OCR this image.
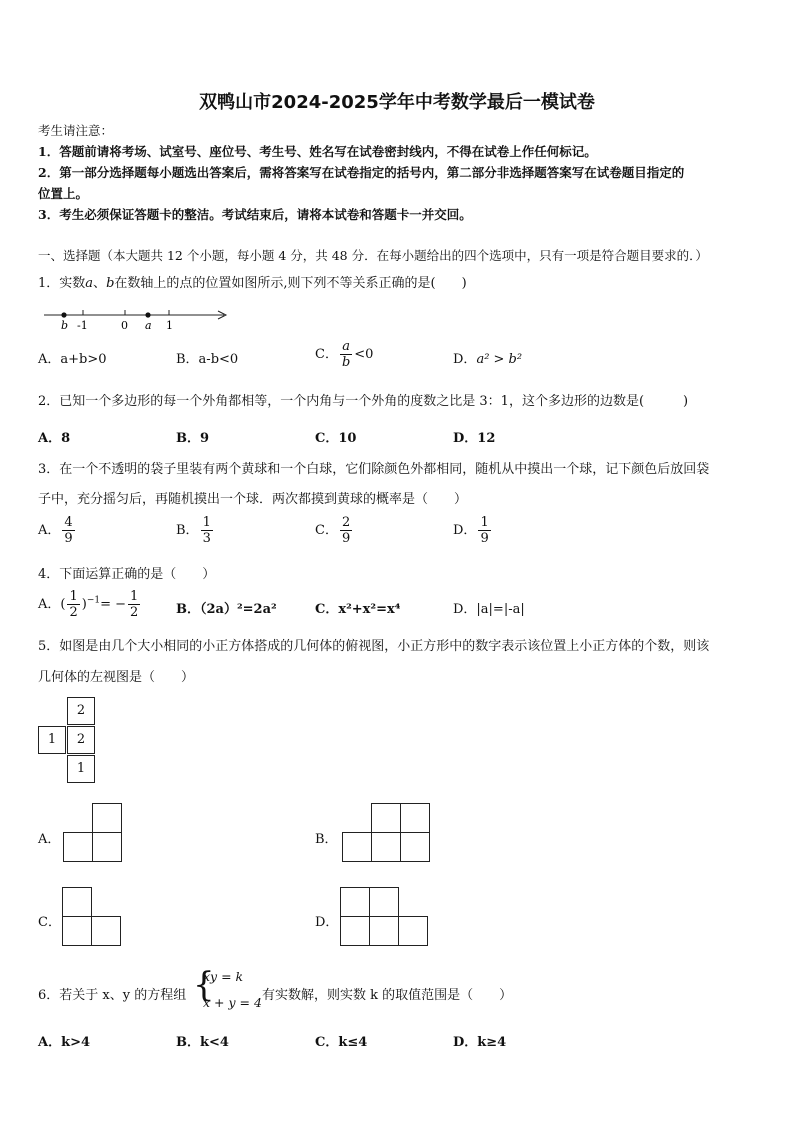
双鸭山市2024-2025学年中考数学最后一模试卷
考生请注意：
1．答题前请将考场、试室号、座位号、考生号、姓名写在试卷密封线内，不得在试卷上作任何标记。
2．第一部分选择题每小题选出答案后，需将答案写在试卷指定的括号内，第二部分非选择题答案写在试卷题目指定的
位置上。
3．考生必须保证答题卡的整洁。考试结束后，请将本试卷和答题卡一并交回。
一、选择题（本大题共 12 个小题，每小题 4 分，共 48 分．在每小题给出的四个选项中，只有一项是符合题目要求的．）
1．实数a、b在数轴上的点的位置如图所示,则下列不等关系正确的是(　　)
b -1	0 a 1
A．a+b>0	B．a-b<0	C． $\frac{a}{b} <0$	D．a² > b²
2．已知一个多边形的每一个外角都相等，一个内角与一个外角的度数之比是 3：1，这个多边形的边数是(　　　)
A．8	B．9	C．10	D．12
3．在一个不透明的袋子里装有两个黄球和一个白球，它们除颜色外都相同，随机从中摸出一个球，记下颜色后放回袋
子中，充分摇匀后，再随机摸出一个球．两次都摸到黄球的概率是（　　）
A． $\frac{4}{9}$	B． $\frac{1}{3}$	C． $\frac{2}{9}$	D． $\frac{1}{9}$
4．下面运算正确的是（　　）
A．( $\frac{1}{2} )^{-1}= - \frac{1}{2}$	B．（2a）²=2a²	C．x²+x²=x⁴	D．|a|=|-a|
5．如图是由几个大小相同的小正方体搭成的几何体的俯视图，小正方形中的数字表示该位置上小正方体的个数，则该
几何体的左视图是（　　）
2
1	2
1
A．	B．
C．	D．
6．若关于 x、y 的方程组 {
xy = k
x + y = 4 有实数解，则实数 k 的取值范围是（　　）
A．k>4	B．k<4	C．k≤4	D．k≥4
